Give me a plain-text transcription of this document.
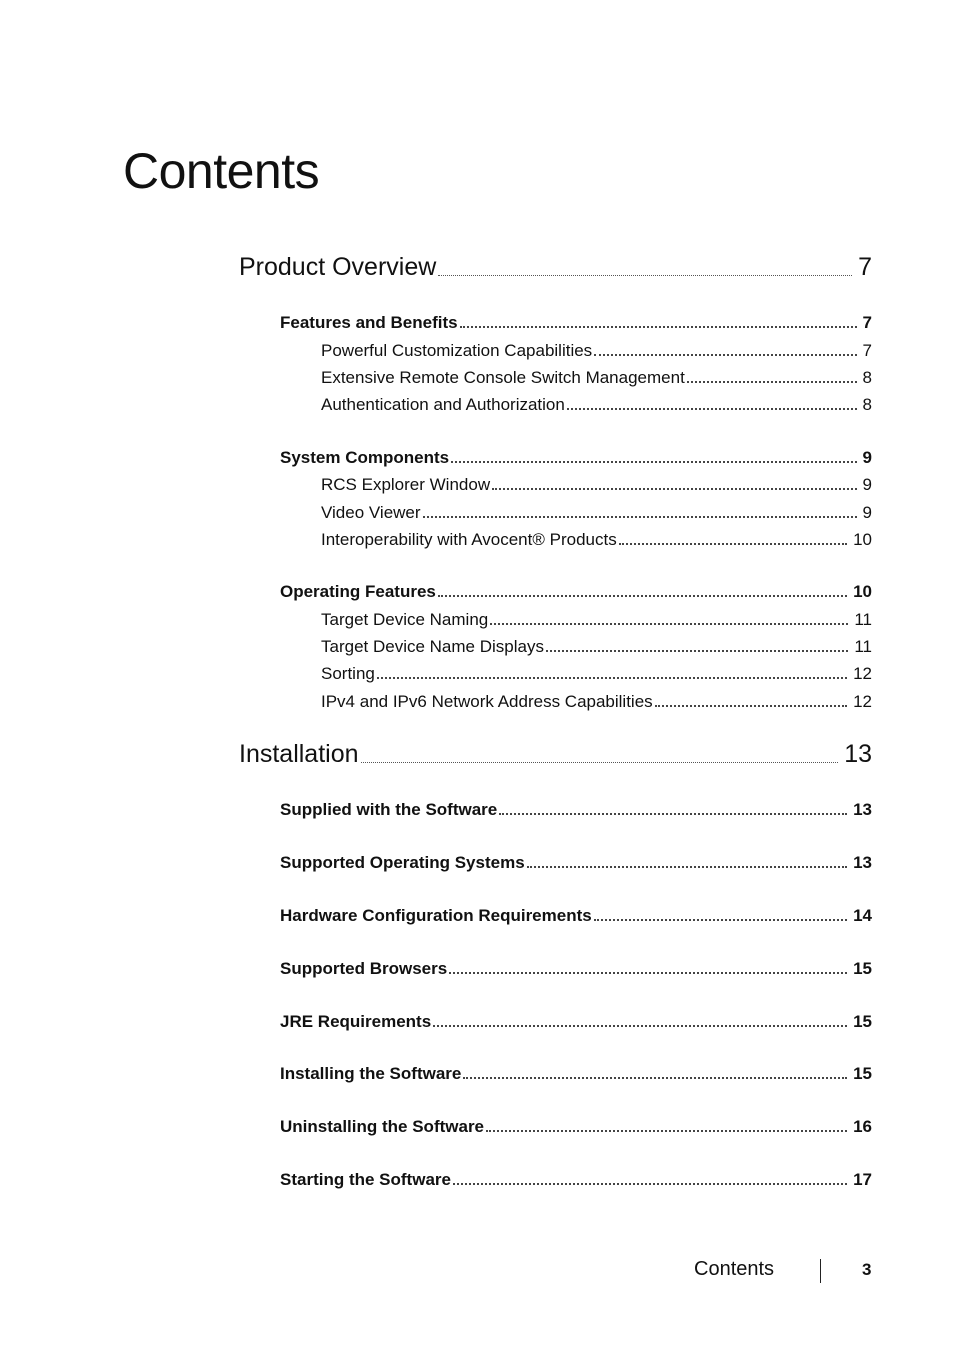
Contents
Product Overview	7
Features and Benefits	7
Powerful Customization Capabilities	7
Extensive Remote Console Switch Management	8
Authentication and Authorization	8
System Components	9
RCS Explorer Window	9
Video Viewer	9
Interoperability with Avocent® Products	10
Operating Features	10
Target Device Naming	11
Target Device Name Displays	11
Sorting	12
IPv4 and IPv6 Network Address Capabilities	12
Installation	13
Supplied with the Software	13
Supported Operating Systems	13
Hardware Configuration Requirements	14
Supported Browsers	15
JRE Requirements	15
Installing the Software	15
Uninstalling the Software	16
Starting the Software	17
Contents	3
